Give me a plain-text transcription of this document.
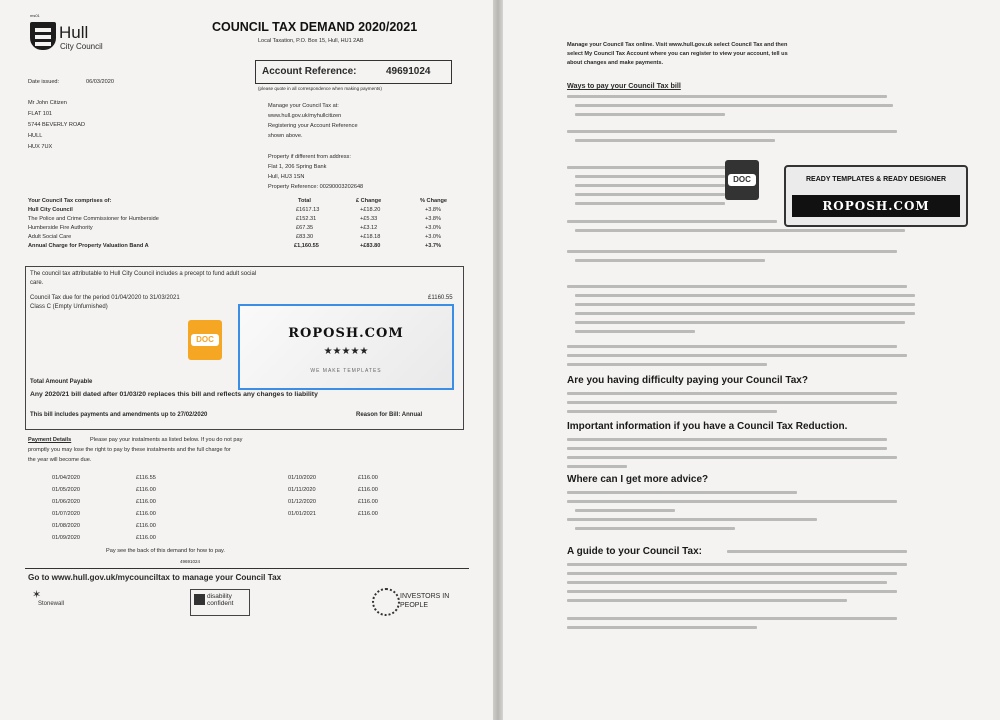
ms01
Hull
City Council
COUNCIL TAX DEMAND 2020/2021
Local Taxation, P.O. Box 15, Hull, HU1 2AB
Date issued:	06/03/2020
Account Reference:	49691024
(please quote in all correspondence when making payments)
Mr John Citizen
FLAT 101
5744 BEVERLY ROAD
HULL
HUX 7UX
Manage your Council Tax at:
www.hull.gov.uk/myhullcitizen
Registering your Account Reference
shown above.
Property if different from address:
Flat 1, 206 Spring Bank
Hull, HU3 1SN
Property Reference: 00290003202648
Your Council Tax comprises of:	Total	£ Change	% Change
Hull City Council	£1617.13	+£18.20	+3.8%
The Police and Crime Commissioner for Humberside	£152.31	+£5.33	+3.8%
Humberside Fire Authority	£67.35	+£3.12	+3.0%
Adult Social Care	£83.30	+£18.18	+3.0%
Annual Charge for Property Valuation Band A	£1,160.55	+£83.80	+3.7%
The council tax attributable to Hull City Council includes a precept to fund adult social
care.
Council Tax due for the period 01/04/2020 to 31/03/2021	£1160.55
Class C (Empty Unfurnished)
Total Amount Payable
Any 2020/21 bill dated after 01/03/20 replaces this bill and reflects any changes to liability
This bill includes payments and amendments up to 27/02/2020	Reason for Bill: Annual
DOC	ROPOSH.COM
★★★★★
WE MAKE TEMPLATES
Payment Details	Please pay your instalments as listed below. If you do not pay
promptly you may lose the right to pay by these instalments and the full charge for
the year will become due.
01/04/2020	£116.55
01/05/2020	£116.00
01/06/2020	£116.00
01/07/2020	£116.00
01/08/2020	£116.00
01/09/2020	£116.00
01/10/2020	£116.00
01/11/2020	£116.00
01/12/2020	£116.00
01/01/2021	£116.00
Pay see the back of this demand for how to pay.
49691024
Go to www.hull.gov.uk/mycounciltax to manage your Council Tax
✶
Stonewall
disability confident
INVESTORS IN PEOPLE
Manage your Council Tax online. Visit www.hull.gov.uk select Council Tax and then
select My Council Tax Account where you can register to view your account, tell us
about changes and make payments.
Ways to pay your Council Tax bill
DOC
Are you having difficulty paying your Council Tax?
Important information if you have a Council Tax Reduction.
Where can I get more advice?
A guide to your Council Tax:
READY TEMPLATES & READY DESIGNER
ROPOSH.COM
